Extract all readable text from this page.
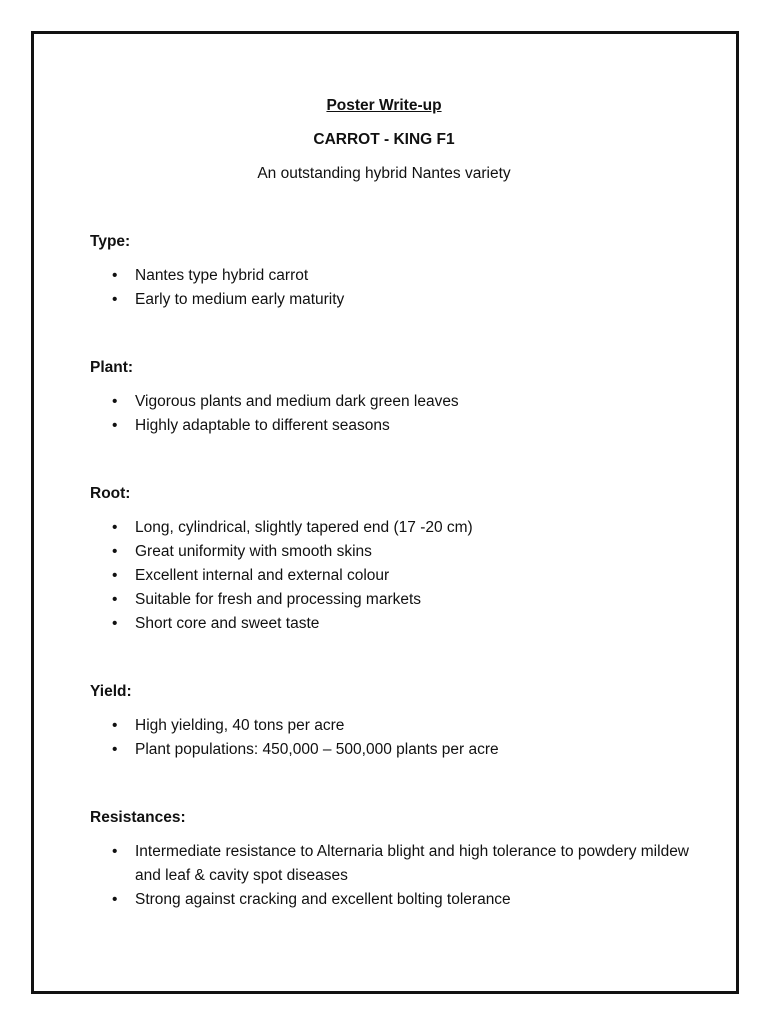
Poster Write-up
CARROT - KING F1
An outstanding hybrid Nantes variety
Type:
• Nantes type hybrid carrot
• Early to medium early maturity
Plant:
• Vigorous plants and medium dark green leaves
• Highly adaptable to different seasons
Root:
• Long, cylindrical, slightly tapered end (17 -20 cm)
• Great uniformity with smooth skins
• Excellent internal and external colour
• Suitable for fresh and processing markets
• Short core and sweet taste
Yield:
• High yielding, 40 tons per acre
• Plant populations: 450,000 – 500,000 plants per acre
Resistances:
• Intermediate resistance to Alternaria blight and high tolerance to powdery mildew and leaf & cavity spot diseases
• Strong against cracking and excellent bolting tolerance
